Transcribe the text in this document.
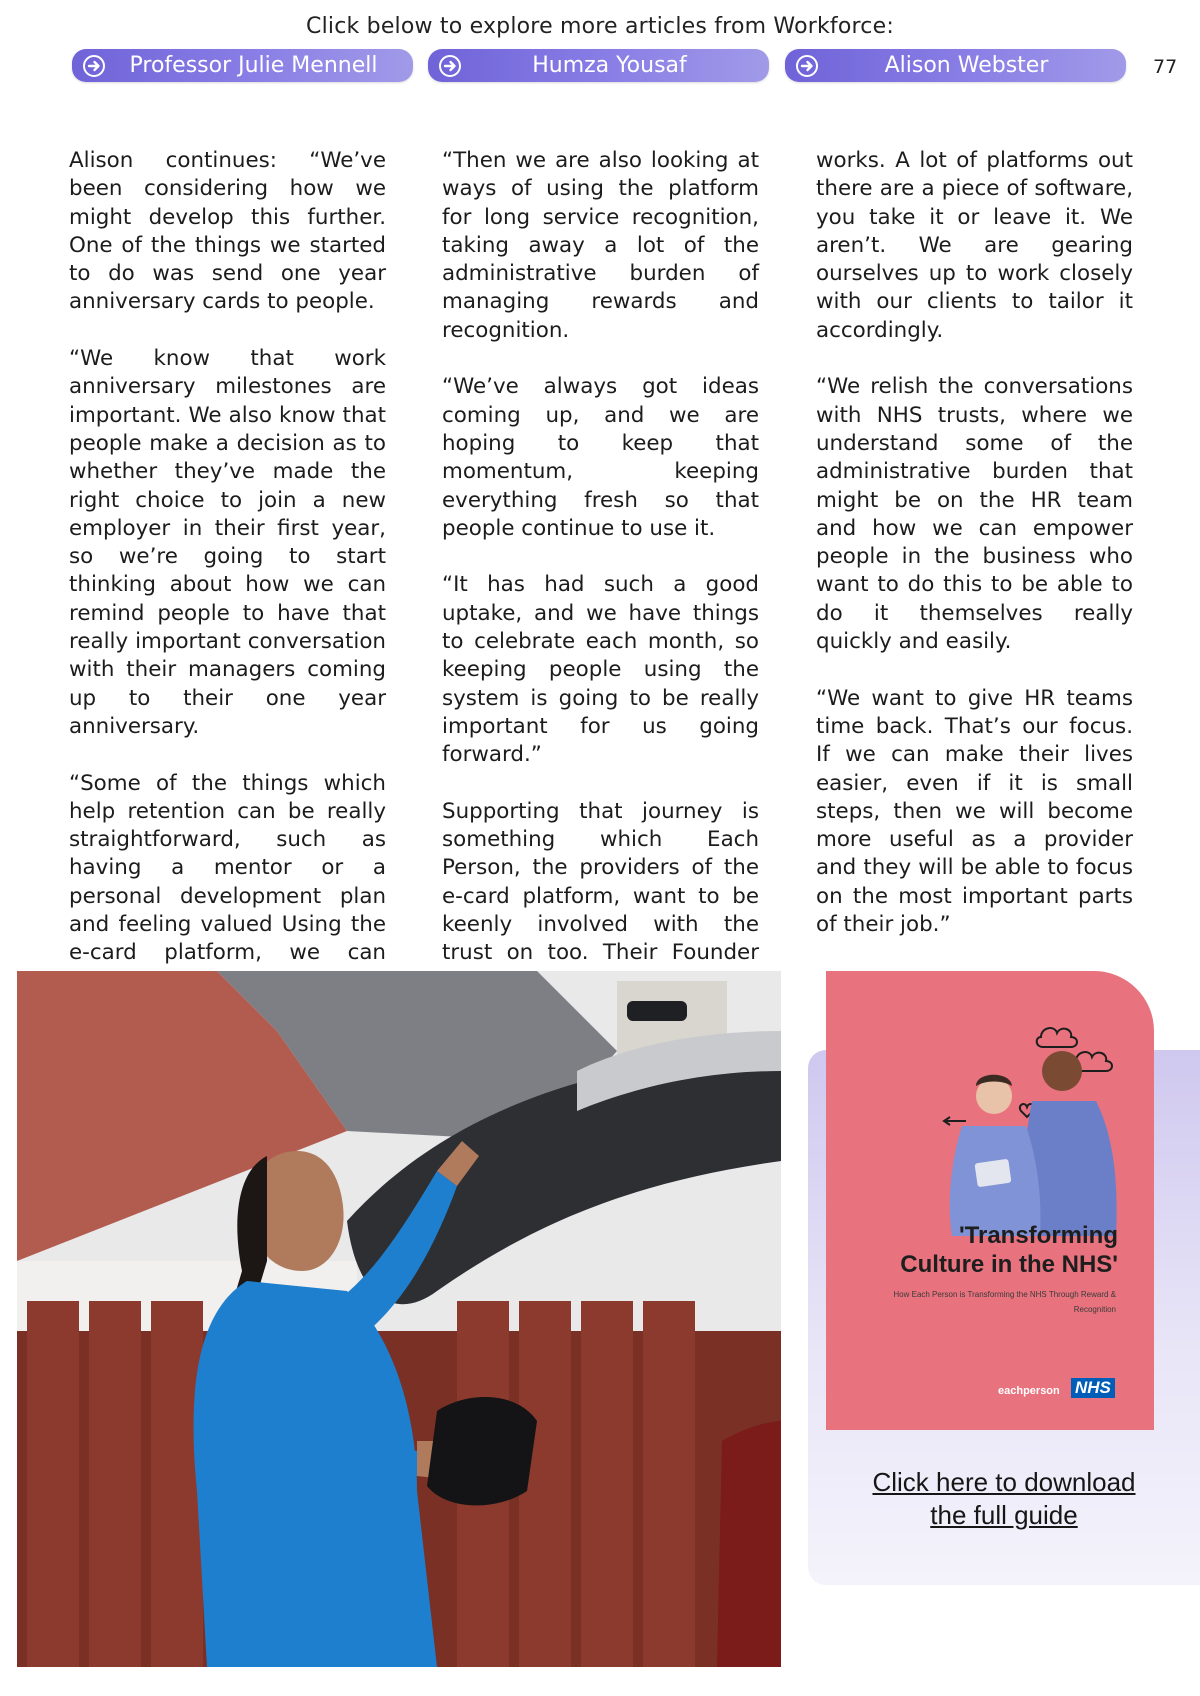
Click below to explore more articles from Workforce:
Professor Julie Mennell	Humza Yousaf	Alison Webster	77

Alison continues: “We’ve been considering how we might develop this further. One of the things we started to do was send one year anniversary cards to people.

“We know that work anniversary milestones are important. We also know that people make a decision as to whether they’ve made the right choice to join a new employer in their first year, so we’re going to start thinking about how we can remind people to have that really important conversation with their managers coming up to their one year anniversary.

“Some of the things which help retention can be really straightforward, such as having a mentor or a personal development plan and feeling valued Using the e-card platform, we can

“Then we are also looking at ways of using the platform for long service recognition, taking away a lot of the administrative burden of managing rewards and recognition.

“We’ve always got ideas coming up, and we are hoping to keep that momentum, keeping everything fresh so that people continue to use it.

“It has had such a good uptake, and we have things to celebrate each month, so keeping people using the system is going to be really important for us going forward.”

Supporting that journey is something which Each Person, the providers of the e-card platform, want to be keenly involved with the trust on too. Their Founder

works. A lot of platforms out there are a piece of software, you take it or leave it. We aren’t. We are gearing ourselves up to work closely with our clients to tailor it accordingly.

“We relish the conversations with NHS trusts, where we understand some of the administrative burden that might be on the HR team and how we can empower people in the business who want to do this to be able to do it themselves really quickly and easily.

“We want to give HR teams time back. That’s our focus. If we can make their lives easier, even if it is small steps, then we will become more useful as a provider and they will be able to focus on the most important parts of their job.”

'Transforming
Culture in the NHS'
How Each Person is Transforming the NHS Through Reward & Recognition
eachperson NHS
Click here to download
the full guide
